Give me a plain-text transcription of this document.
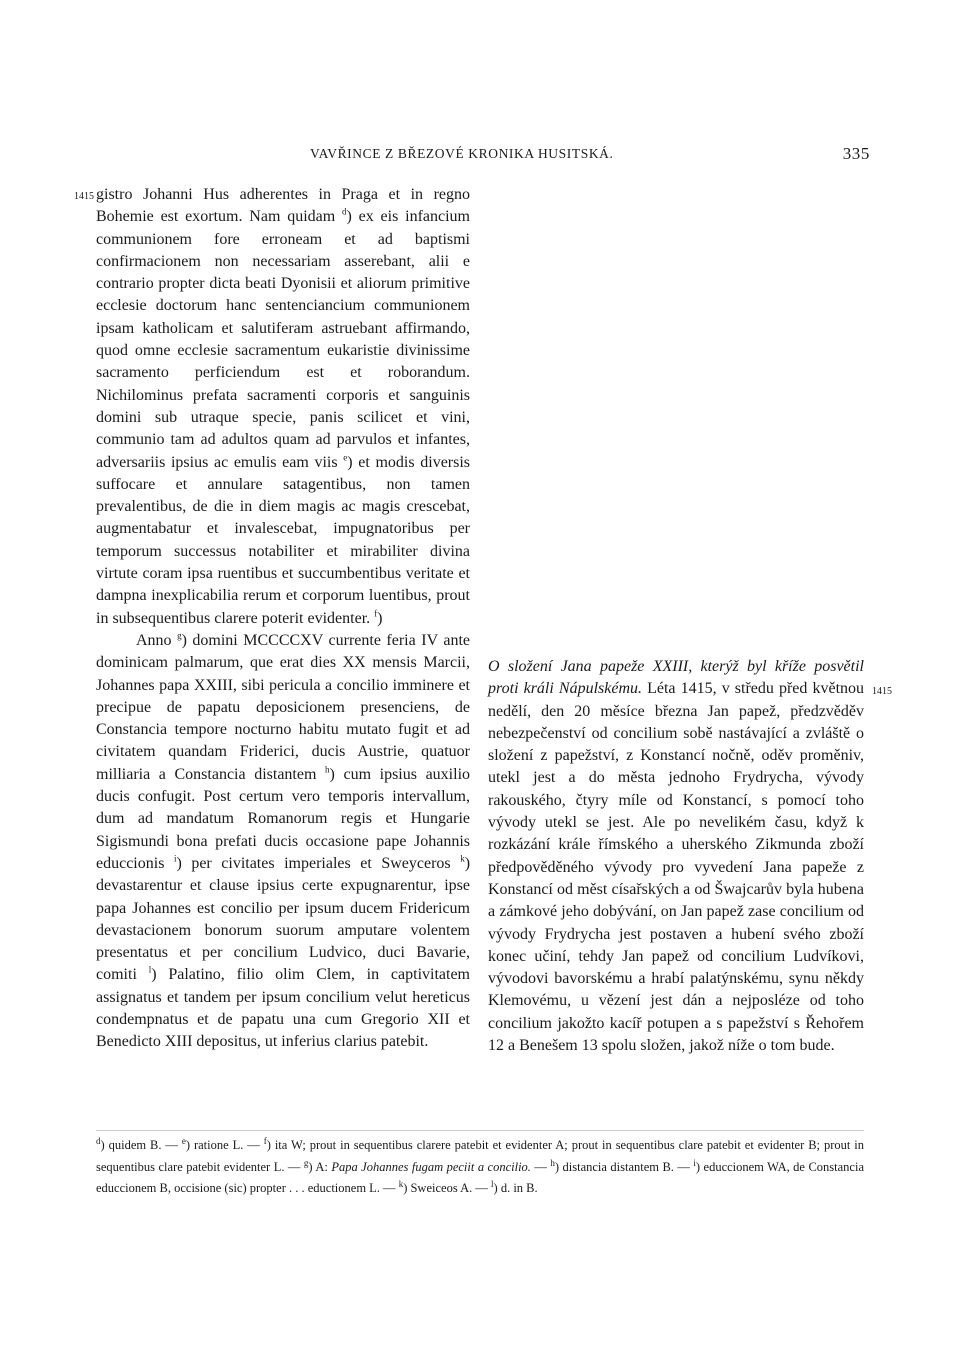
VAVŘINCE Z BŘEZOVÉ KRONIKA HUSITSKÁ.	335
1415
1415

gistro Johanni Hus adherentes in Praga et in regno Bohemie est exortum. Nam quidam $^d$) ex eis infancium communionem fore erroneam et ad baptismi confirmacionem non necessariam asserebant, alii e contrario propter dicta beati Dyonisii et aliorum primitive ecclesie doctorum hanc sentenciancium communionem ipsam katholicam et salutiferam astruebant affirmando, quod omne ecclesie sacramentum eukaristie divinissime sacramento perficiendum est et roborandum. Nichilominus prefata sacramenti corporis et sanguinis domini sub utraque specie, panis scilicet et vini, communio tam ad adultos quam ad parvulos et infantes, adversariis ipsius ac emulis eam viis $^e$) et modis diversis suffocare et annulare satagentibus, non tamen prevalentibus, de die in diem magis ac magis crescebat, augmentabatur et invalescebat, impugnatoribus per temporum successus notabiliter et mirabiliter divina virtute coram ipsa ruentibus et succumbentibus veritate et dampna inexplicabilia rerum et corporum luentibus, prout in subsequentibus clarere poterit evidenter. $^f$)

Anno $^g$) domini MCCCCXV currente feria IV ante dominicam palmarum, que erat dies XX mensis Marcii, Johannes papa XXIII, sibi pericula a concilio imminere et precipue de papatu deposicionem presenciens, de Constancia tempore nocturno habitu mutato fugit et ad civitatem quandam Friderici, ducis Austrie, quatuor milliaria a Constancia distantem $^h$) cum ipsius auxilio ducis confugit. Post certum vero temporis intervallum, dum ad mandatum Romanorum regis et Hungarie Sigismundi bona prefati ducis occasione pape Johannis educcionis $^i$) per civitates imperiales et Sweyceros $^k$) devastarentur et clause ipsius certe expugnarentur, ipse papa Johannes est concilio per ipsum ducem Fridericum devastacionem bonorum suorum amputare volentem presentatus et per concilium Ludvico, duci Bavarie, comiti $^l$) Palatino, filio olim Clem, in captivitatem assignatus et tandem per ipsum concilium velut hereticus condempnatus et de papatu una cum Gregorio XII et Benedicto XIII depositus, ut inferius clarius patebit.

O složení Jana papeže XXIII, kterýž byl kříže posvětil proti králi Nápulskému. Léta 1415, v středu před květnou nedělí, den 20 měsíce března Jan papež, předzvěděv nebezpečenství od concilium sobě nastávající a zvláště o složení z papežství, z Konstancí nočně, oděv proměniv, utekl jest a do města jednoho Frydrycha, vývody rakouského, čtyry míle od Konstancí, s pomocí toho vývody utekl se jest. Ale po nevelikém času, když k rozkázání krále římského a uherského Zikmunda zboží předpověděného vývody pro vyvedení Jana papeže z Konstancí od měst císařských a od Šwajcarův byla hubena a zámkové jeho dobývání, on Jan papež zase concilium od vývody Frydrycha jest postaven a hubení svého zboží konec učiní, tehdy Jan papež od concilium Ludvíkovi, vývodovi bavorskému a hrabí palatýnskému, synu někdy Klemovému, u vězení jest dán a nejposléze od toho concilium jakožto kacíř potupen a s papežství s Řehořem 12 a Benešem 13 spolu složen, jakož níže o tom bude.
$^d$) quidem B. — $^e$) ratione L. — $^f$) ita W; prout in sequentibus clarere patebit et evidenter A; prout in sequentibus clare patebit et evidenter B; prout in sequentibus clare patebit evidenter L. — $^g$) A: Papa Johannes fugam peciit a concilio. — $^h$) distancia distantem B. — $^i$) educcionem WA, de Constancia educcionem B, occisione (sic) propter . . . eductionem L. — $^k$) Sweiceos A. — $^l$) d. in B.
